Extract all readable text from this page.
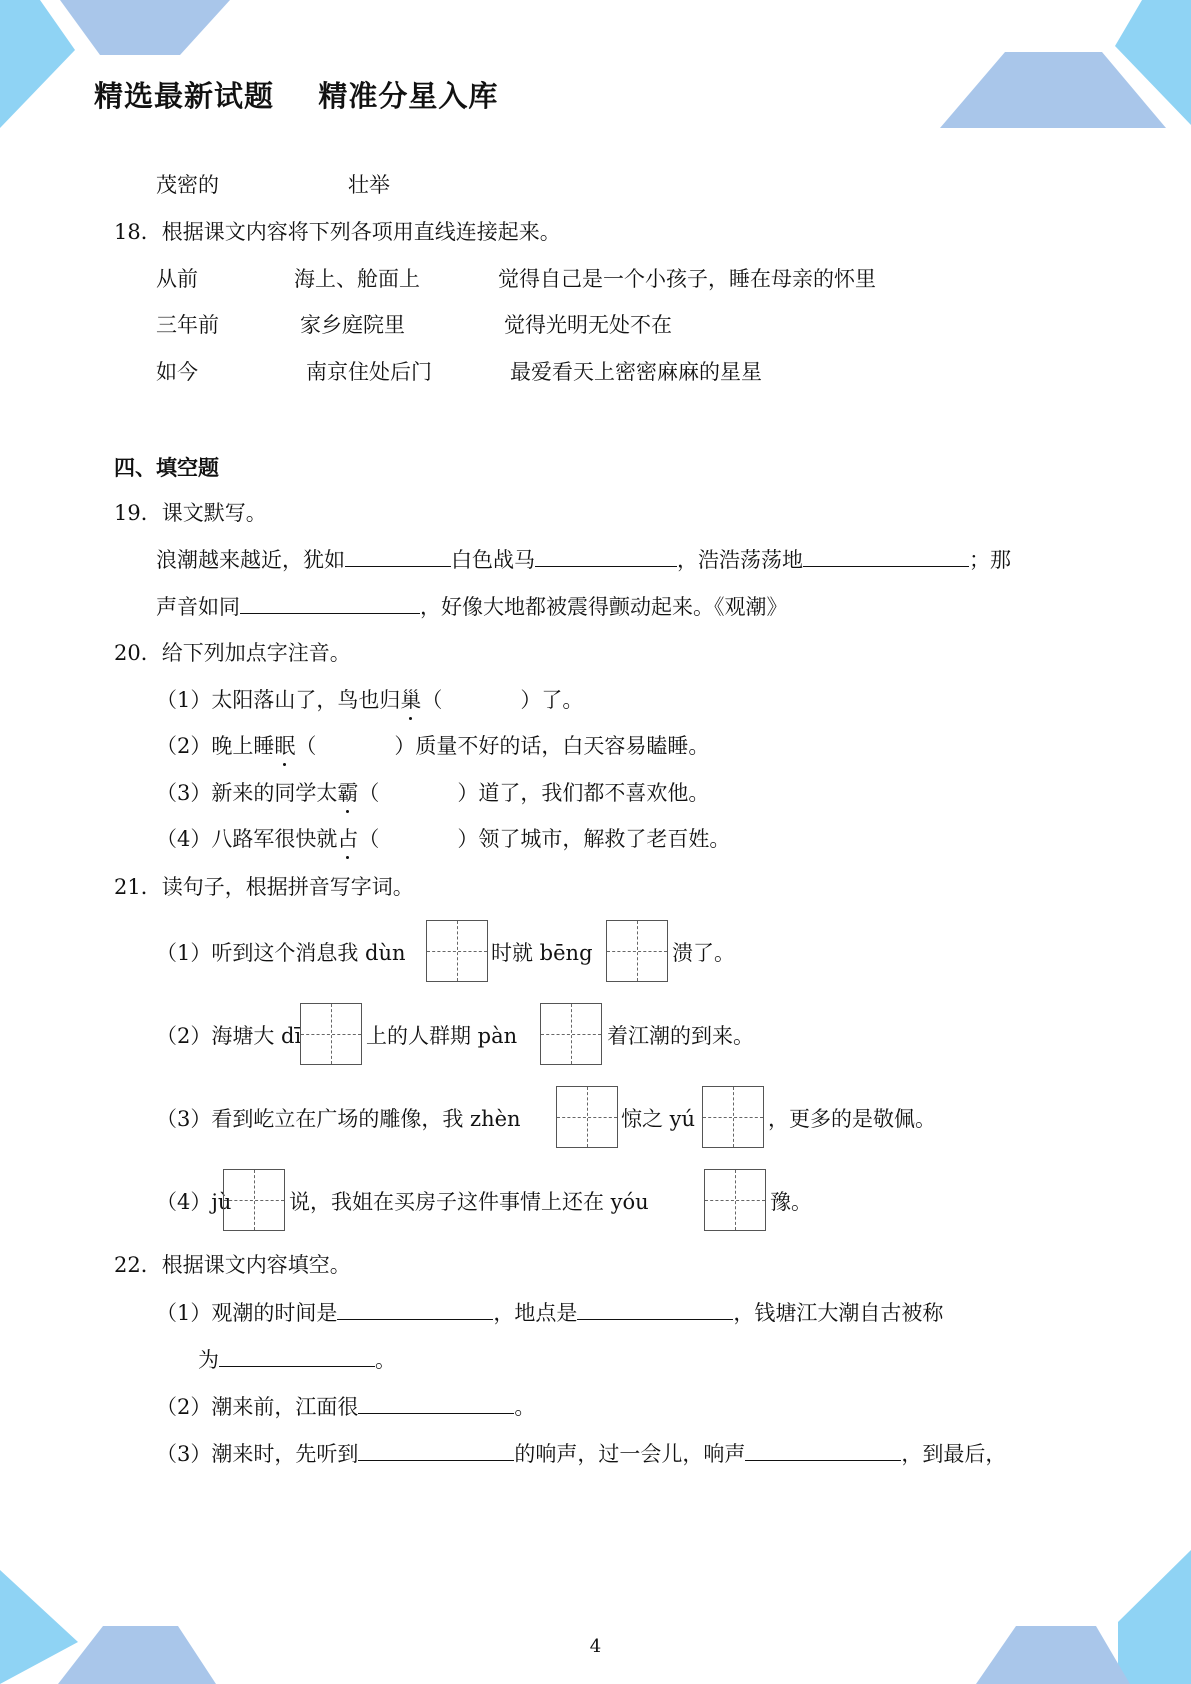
精选最新试题    精准分星入库
茂密的	壮举
18．根据课文内容将下列各项用直线连接起来。
从前	海上、舱面上	觉得自己是一个小孩子，睡在母亲的怀里
三年前	家乡庭院里	觉得光明无处不在
如今	南京住处后门	最爱看天上密密麻麻的星星
四、填空题
19．课文默写。
浪潮越来越近，犹如	白色战马	，浩浩荡荡地	；那
声音如同	，好像大地都被震得颤动起来。《观潮》
20．给下列加点字注音。
（1）太阳落山了，鸟也归巢（	）了。
（2）晚上睡眠（	）质量不好的话，白天容易瞌睡。
（3）新来的同学太霸（	）道了，我们都不喜欢他。
（4）八路军很快就占（	）领了城市，解救了老百姓。
21．读句子，根据拼音写字词。
（1）听到这个消息我 dùn	时就 bēng	溃了。
（2）海塘大 dī	上的人群期 pàn	着江潮的到来。
（3）看到屹立在广场的雕像，我 zhèn	惊之 yú	，更多的是敬佩。
（4）jù	说，我姐在买房子这件事情上还在 yóu	豫。
22．根据课文内容填空。
（1）观潮的时间是	，地点是	，钱塘江大潮自古被称
为	。
（2）潮来前，江面很	。
（3）潮来时，先听到	的响声，过一会儿，响声	，到最后，
4
